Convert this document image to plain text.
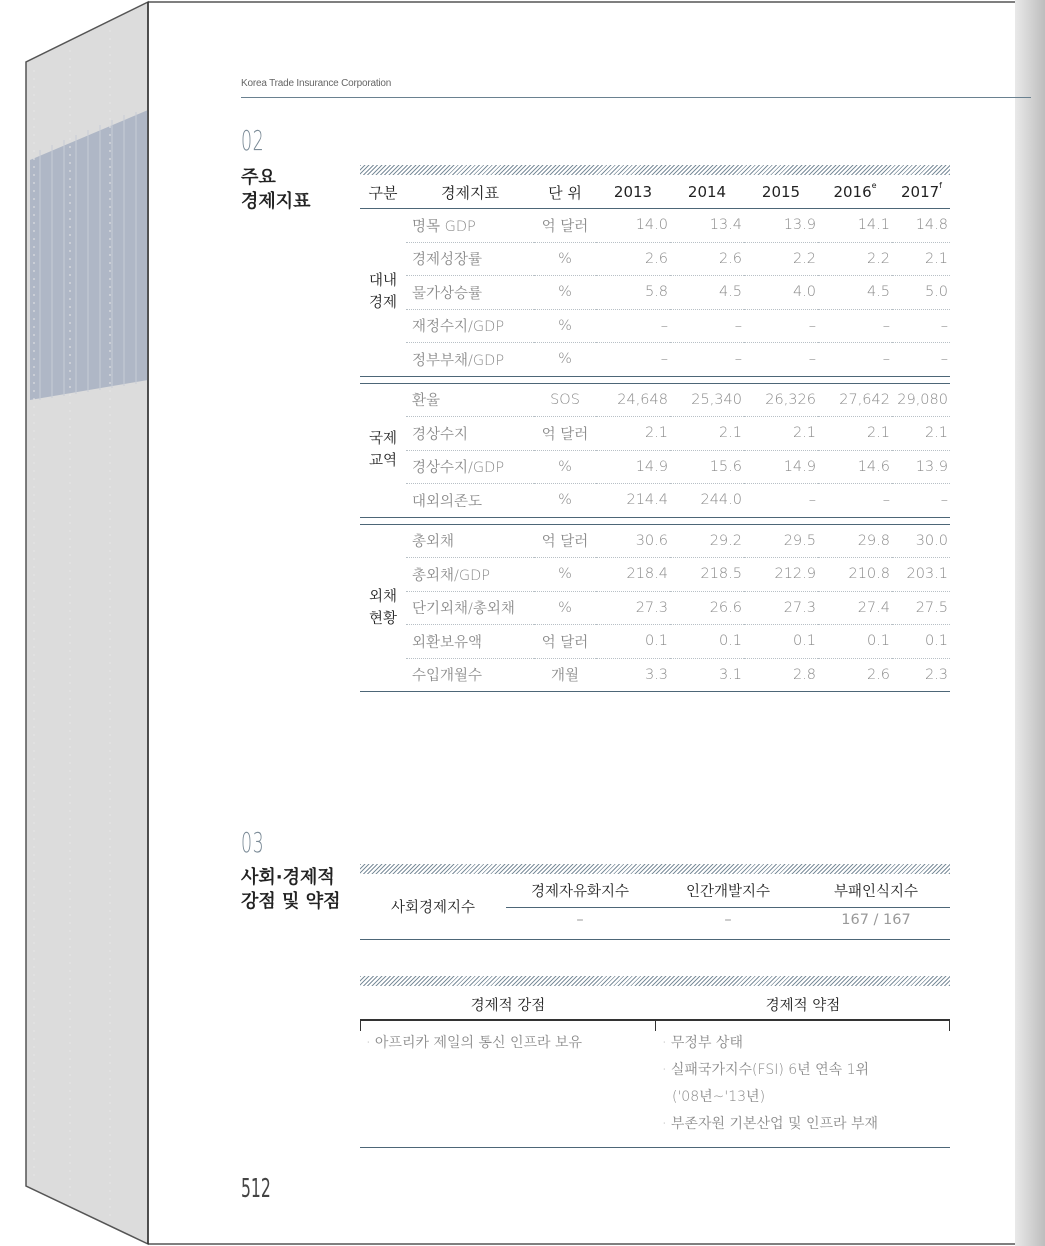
Korea Trade Insurance Corporation
02
주요
경제지표	구분	경제지표	단 위	2013	2014	2015	2016e	2017$^f$

대내
경제	명목 GDP	억 달러	14.0	13.4	13.9	14.1	14.8
	경제성장률	%	2.6	2.6	2.2	2.2	2.1
	물가상승률	%	5.8	4.5	4.0	4.5	5.0
	재정수지/GDP	%	–	–	–	–	–
	정부부채/GDP	%	–	–	–	–	–

국제
교역	환율	SOS	24,648	25,340	26,326	27,642	29,080
	경상수지	억 달러	2.1	2.1	2.1	2.1	2.1
	경상수지/GDP	%	14.9	15.6	14.9	14.6	13.9
	대외의존도	%	214.4	244.0	–	–	–

외채
현황	총외채	억 달러	30.6	29.2	29.5	29.8	30.0
	총외채/GDP	%	218.4	218.5	212.9	210.8	203.1
	단기외채/총외채	%	27.3	26.6	27.3	27.4	27.5
	외환보유액	억 달러	0.1	0.1	0.1	0.1	0.1
	수입개월수	개월	3.3	3.1	2.8	2.6	2.3
03
사회·경제적
강점 및 약점	사회경제지수
경제자유화지수	인간개발지수	부패인식지수
–	–	167 / 167
경제적 강점	경제적 약점
· 아프리카 제일의 통신 인프라 보유	· 무정부 상태
· 실패국가지수(FSI) 6년 연속 1위
('08년~'13년)
· 부존자원 기본산업 및 인프라 부재
512
